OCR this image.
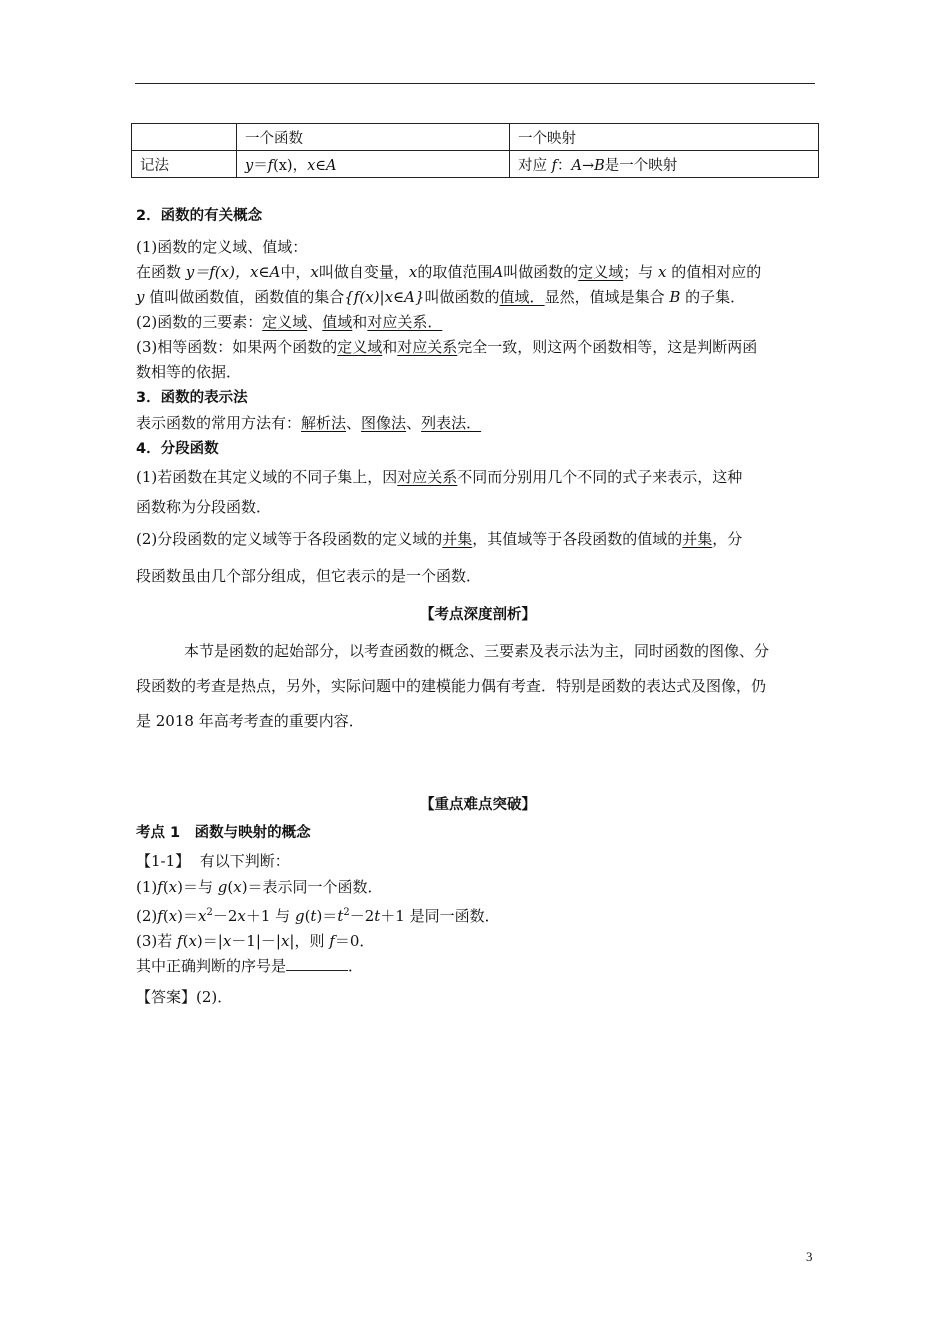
	一个函数	一个映射
记法	y＝f(x)，x∈A	对应 f：A→B是一个映射

2．函数的有关概念

(1)函数的定义域、值域：

在函数 y＝f(x)，x∈A中，x叫做自变量，x的取值范围A叫做函数的定义域；与 x 的值相对应的

y 值叫做函数值，函数值的集合{f(x)|x∈A}叫做函数的值域．显然，值域是集合 B 的子集．

(2)函数的三要素：定义域、值域和对应关系．

(3)相等函数：如果两个函数的定义域和对应关系完全一致，则这两个函数相等，这是判断两函

数相等的依据．

3．函数的表示法

表示函数的常用方法有：解析法、图像法、列表法．

4．分段函数

(1)若函数在其定义域的不同子集上，因对应关系不同而分别用几个不同的式子来表示，这种

函数称为分段函数．

(2)分段函数的定义域等于各段函数的定义域的并集，其值域等于各段函数的值域的并集，分

段函数虽由几个部分组成，但它表示的是一个函数．

【考点深度剖析】

本节是函数的起始部分，以考查函数的概念、三要素及表示法为主，同时函数的图像、分

段函数的考查是热点，另外，实际问题中的建模能力偶有考查．特别是函数的表达式及图像，仍

是 2018 年高考考查的重要内容．

【重点难点突破】

考点 1　函数与映射的概念

【1-1】 有以下判断：

(1)f(x)＝与 g(x)＝表示同一个函数．

$(2)f(x)=x^2-2x+1$ 与 $g(t)=t^2-2t+1$ 是同一函数．

(3)若 f(x)＝|x－1|－|x|，则 f＝0．

其中正确判断的序号是	．

【答案】(2)．

3
